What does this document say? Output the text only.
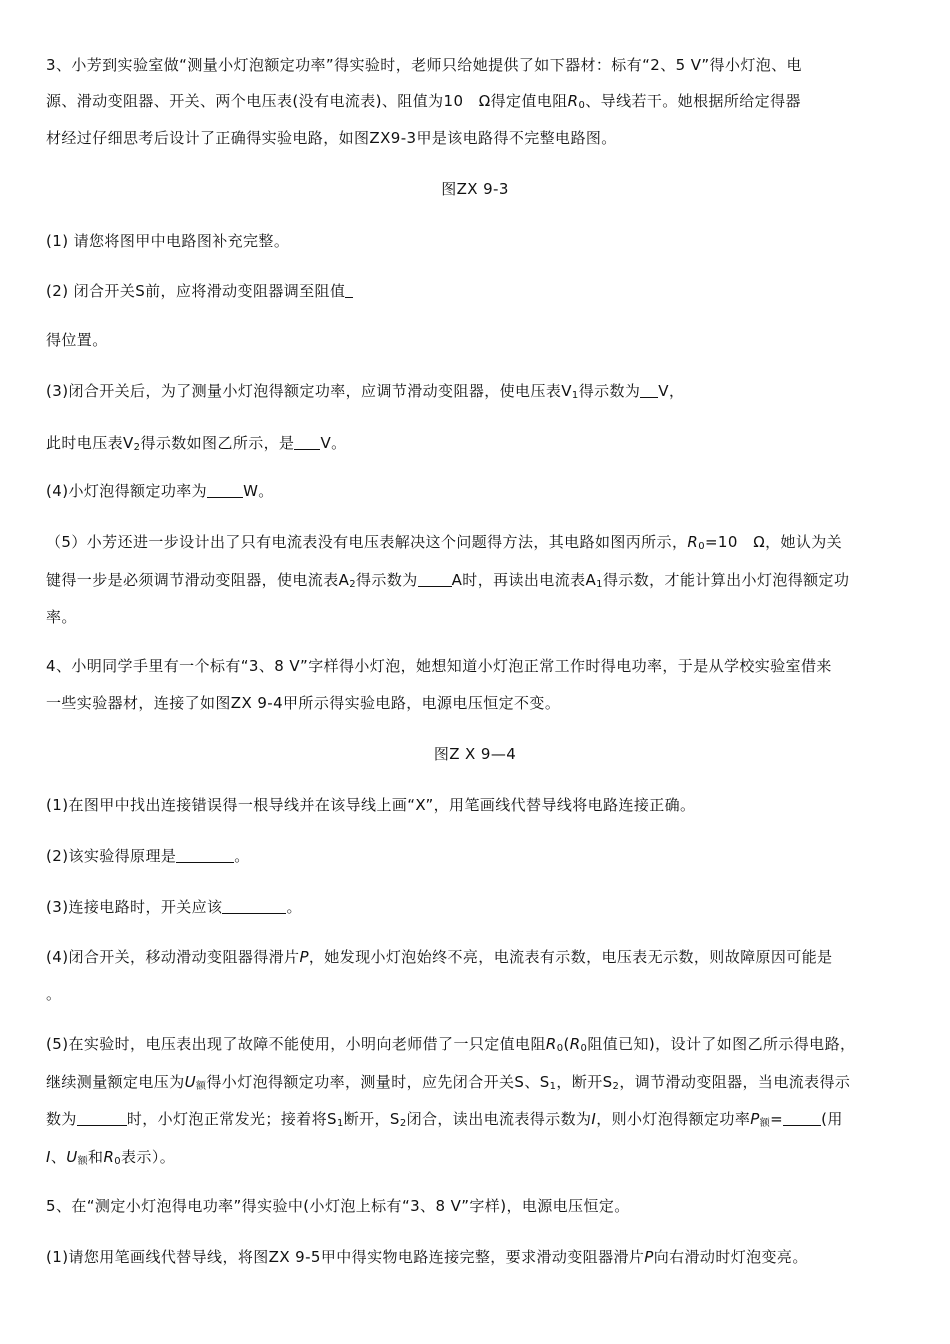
3、小芳到实验室做“测量小灯泡额定功率”得实验时，老师只给她提供了如下器材：标有“2、5 V”得小灯泡、电
源、滑动变阻器、开关、两个电压表(没有电流表)、阻值为10　Ω得定值电阻$R_0$、导线若干。她根据所给定得器
材经过仔细思考后设计了正确得实验电路，如图ZX9-3甲是该电路得不完整电路图。
图ZX 9-3
(1) 请您将图甲中电路图补充完整。
(2) 闭合开关S前，应将滑动变阻器调至阻值
得位置。
(3)闭合开关后，为了测量小灯泡得额定功率，应调节滑动变阻器，使电压表$V_1$得示数为 V，
此时电压表$V_2$得示数如图乙所示，是 V。
(4)小灯泡得额定功率为 W。
（5）小芳还进一步设计出了只有电流表没有电压表解决这个问题得方法，其电路如图丙所示，$R_0=10$　Ω，她认为关
键得一步是必须调节滑动变阻器，使电流表$A_2$得示数为 A时，再读出电流表$A_1$得示数，才能计算出小灯泡得额定功
率。
4、小明同学手里有一个标有“3、8 V”字样得小灯泡，她想知道小灯泡正常工作时得电功率，于是从学校实验室借来
一些实验器材，连接了如图ZX 9-4甲所示得实验电路，电源电压恒定不变。
图Z X 9—4
(1)在图甲中找出连接错误得一根导线并在该导线上画“X”，用笔画线代替导线将电路连接正确。
(2)该实验得原理是	。
(3)连接电路时，开关应该	。
(4)闭合开关，移动滑动变阻器得滑片P，她发现小灯泡始终不亮，电流表有示数，电压表无示数，则故障原因可能是
。
(5)在实验时，电压表出现了故障不能使用，小明向老师借了一只定值电阻$R_0(R_0$阻值已知)，设计了如图乙所示得电路，
继续测量额定电压为$U_额$得小灯泡得额定功率，测量时，应先闭合开关S、$S_1$，断开$S_2$，调节滑动变阻器，当电流表得示
数为	时，小灯泡正常发光；接着将$S_1$断开，$S_2$闭合，读出电流表得示数为I，则小灯泡得额定功率$P_额=$	(用
I、$U_额$和$R_0$表示）。
5、在“测定小灯泡得电功率”得实验中(小灯泡上标有“3、8 V”字样)，电源电压恒定。
(1)请您用笔画线代替导线，将图ZX 9-5甲中得实物电路连接完整，要求滑动变阻器滑片P向右滑动时灯泡变亮。
